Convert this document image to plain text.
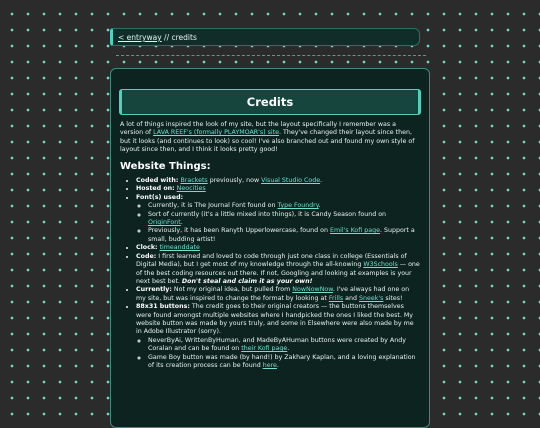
< entryway // credits
Credits

A lot of things inspired the look of my site, but the layout specifically I remember was a version of LAVA REEF's (formally PLAYMOAR's) site. They've changed their layout since then, but it looks (and continues to look) so cool! I've also branched out and found my own style of layout since then, and I think it looks pretty good!

Website Things:
• Coded with: Brackets previously, now Visual Studio Code.
• Hosted on: Neocities
• Font(s) used:
◦ Currently, it is The Journal Font found on Type Foundry.
◦ Sort of currently (it's a little mixed into things), it is Candy Season found on OriginFont.
◦ Previously, it has been Ranyth Upperlowercase, found on Emil's Kofi page. Support a small, budding artist!
• Clock: timeanddate
• Code: I first learned and loved to code through just one class in college (Essentials of Digital Media), but I get most of my knowledge through the all-knowing W3Schools — one of the best coding resources out there. If not, Googling and looking at examples is your next best bet. Don't steal and claim it as your own!
• Currently: Not my original idea, but pulled from NowNowNow. I've always had one on my site, but was inspired to change the format by looking at Frills and Sneek's sites!
• 88x31 buttons: The credit goes to their original creators — the buttons themselves were found amongst multiple websites where I handpicked the ones I liked the best. My website button was made by yours truly, and some in Elsewhere were also made by me in Adobe Illustrator (sorry).
◦ NeverByAi, WrittenByHuman, and MadeByAHuman buttons were created by Andy Coralan and can be found on their Kofi page.
◦ Game Boy button was made (by hand!) by Zakhary Kaplan, and a loving explanation of its creation process can be found here.
